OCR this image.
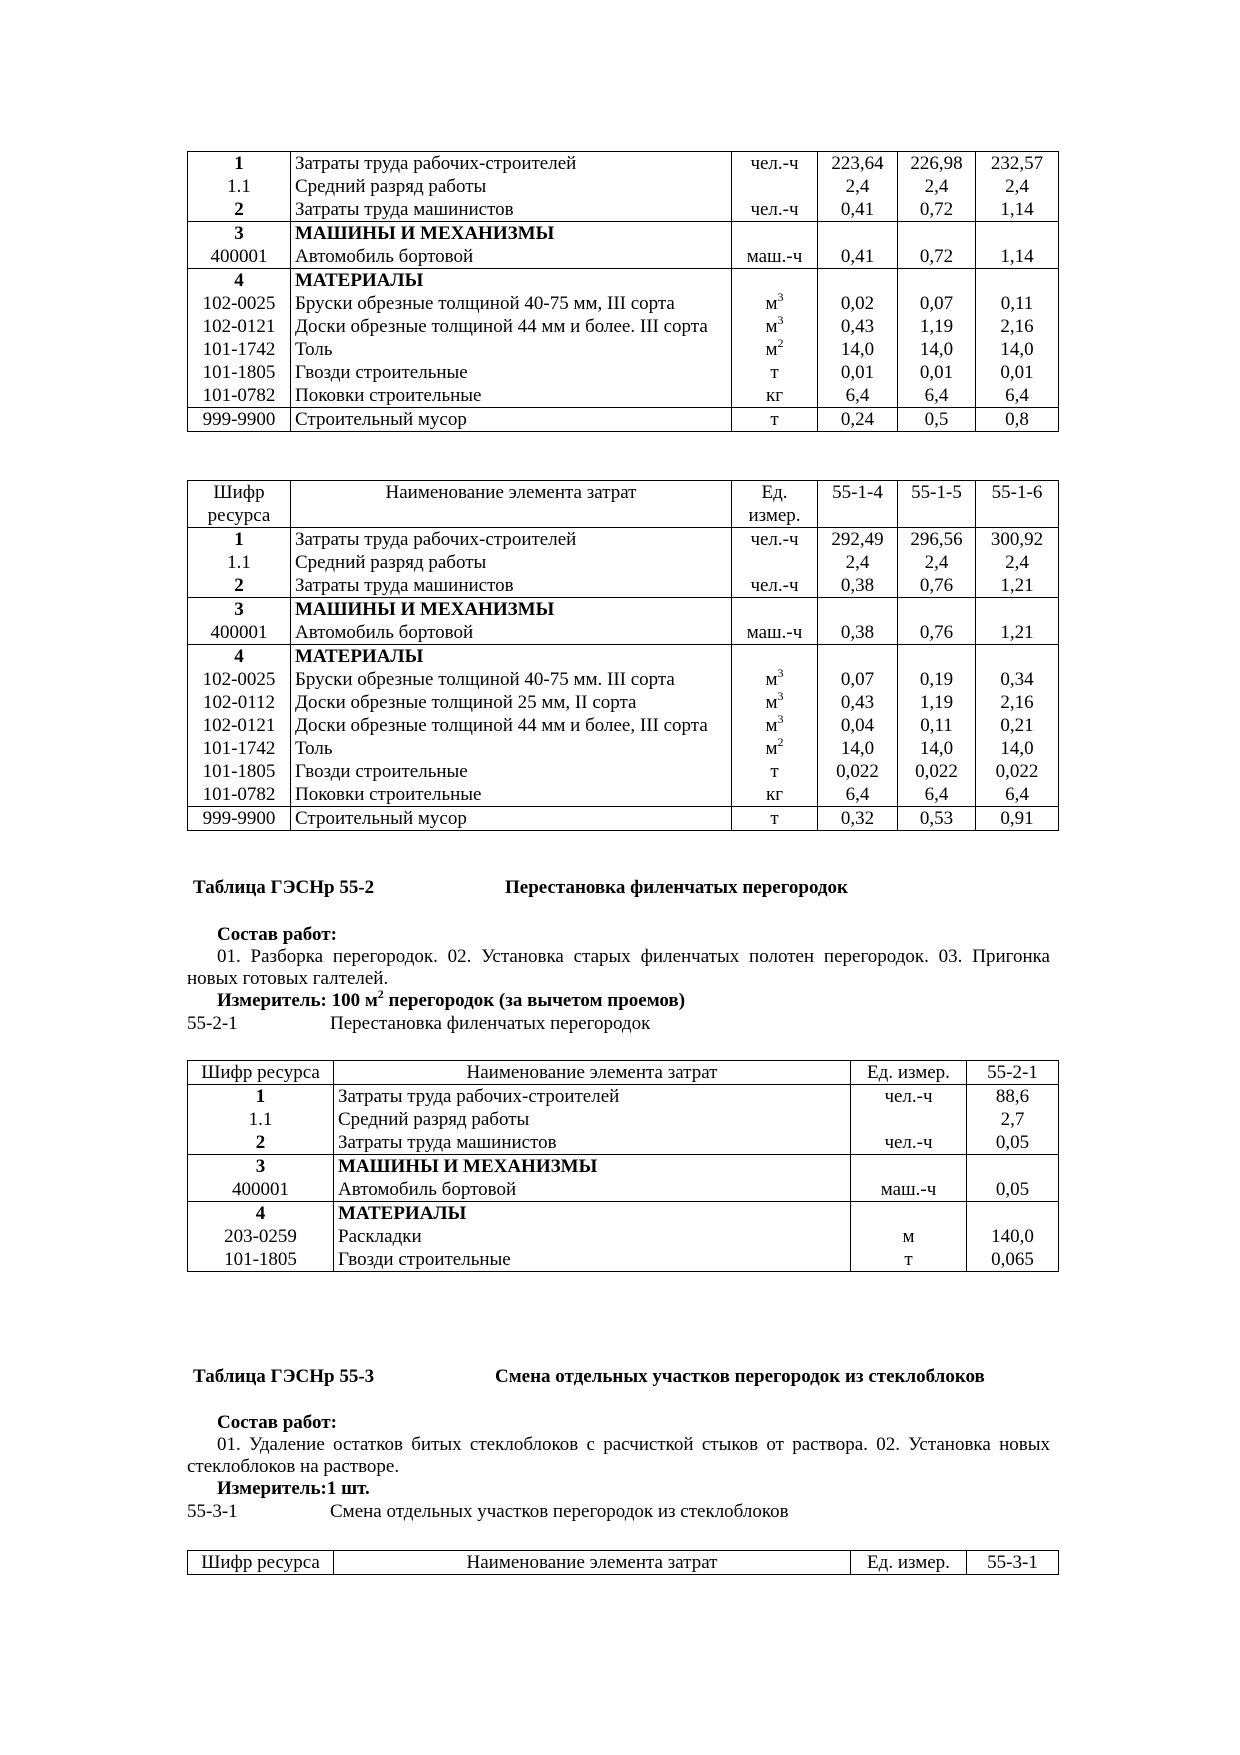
1	Затраты труда рабочих-строителей	чел.-ч	223,64	226,98	232,57
1.1	Средний разряд работы		2,4	2,4	2,4
2	Затраты труда машинистов	чел.-ч	0,41	0,72	1,14
3	МАШИНЫ И МЕХАНИЗМЫ				
400001	Автомобиль бортовой	маш.-ч	0,41	0,72	1,14
4	МАТЕРИАЛЫ				
102-0025	Бруски обрезные толщиной 40-75 мм, III сорта	$м^3$	0,02	0,07	0,11
102-0121	Доски обрезные толщиной 44 мм и более. III сорта	$м^3$	0,43	1,19	2,16
101-1742	Толь	$м^2$	14,0	14,0	14,0
101-1805	Гвозди строительные	т	0,01	0,01	0,01
101-0782	Поковки строительные	кг	6,4	6,4	6,4
999-9900	Строительный мусор	т	0,24	0,5	0,8
Шифр ресурса	Наименование элемента затрат	Ед. измер.	55-1-4	55-1-5	55-1-6
1	Затраты труда рабочих-строителей	чел.-ч	292,49	296,56	300,92
1.1	Средний разряд работы		2,4	2,4	2,4
2	Затраты труда машинистов	чел.-ч	0,38	0,76	1,21
3	МАШИНЫ И МЕХАНИЗМЫ				
400001	Автомобиль бортовой	маш.-ч	0,38	0,76	1,21
4	МАТЕРИАЛЫ				
102-0025	Бруски обрезные толщиной 40-75 мм. III сорта	$м^3$	0,07	0,19	0,34
102-0112	Доски обрезные толщиной 25 мм, II сорта	$м^3$	0,43	1,19	2,16
102-0121	Доски обрезные толщиной 44 мм и более, III сорта	$м^3$	0,04	0,11	0,21
101-1742	Толь	$м^2$	14,0	14,0	14,0
101-1805	Гвозди строительные	т	0,022	0,022	0,022
101-0782	Поковки строительные	кг	6,4	6,4	6,4
999-9900	Строительный мусор	т	0,32	0,53	0,91
Таблица ГЭСНр 55-2	Перестановка филенчатых перегородок
Состав работ:
01. Разборка перегородок. 02. Установка старых филенчатых полотен перегородок. 03. Пригонка новых готовых галтелей.
Измеритель: 100 $м^2$ перегородок (за вычетом проемов)
55-2-1	Перестановка филенчатых перегородок
Шифр ресурса	Наименование элемента затрат	Ед. измер.	55-2-1
1	Затраты труда рабочих-строителей	чел.-ч	88,6
1.1	Средний разряд работы		2,7
2	Затраты труда машинистов	чел.-ч	0,05
3	МАШИНЫ И МЕХАНИЗМЫ		
400001	Автомобиль бортовой	маш.-ч	0,05
4	МАТЕРИАЛЫ		
203-0259	Раскладки	м	140,0
101-1805	Гвозди строительные	т	0,065
Таблица ГЭСНр 55-3	Смена отдельных участков перегородок из стеклоблоков
Состав работ:
01. Удаление остатков битых стеклоблоков с расчисткой стыков от раствора. 02. Установка новых стеклоблоков на растворе.
Измеритель:1 шт.
55-3-1	Смена отдельных участков перегородок из стеклоблоков
Шифр ресурса	Наименование элемента затрат	Ед. измер.	55-3-1
